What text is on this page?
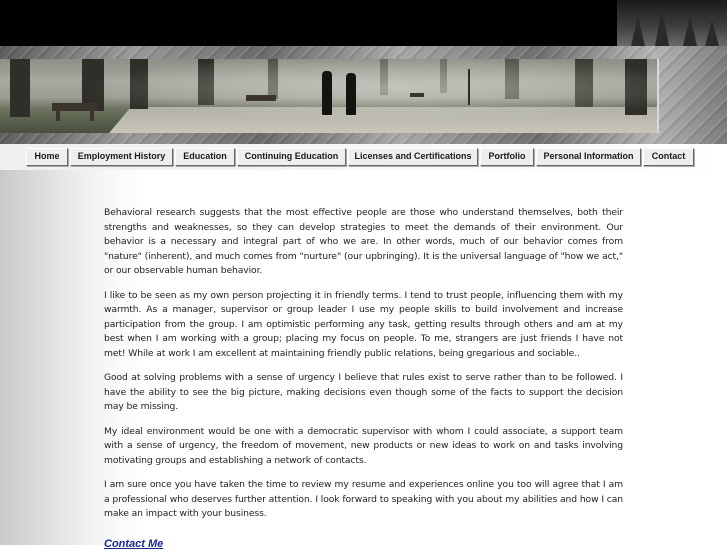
Home	Employment History	Education	Continuing Education	Licenses and Certifications	Portfolio	Personal Information	Contact

Behavioral research suggests that the most effective people are those who understand themselves, both their strengths and weaknesses, so they can develop strategies to meet the demands of their environment. Our behavior is a necessary and integral part of who we are. In other words, much of our behavior comes from "nature" (inherent), and much comes from "nurture" (our upbringing). It is the universal language of "how we act," or our observable human behavior.

I like to be seen as my own person projecting it in friendly terms. I tend to trust people, influencing them with my warmth. As a manager, supervisor or group leader I use my people skills to build involvement and increase participation from the group. I am optimistic performing any task, getting results through others and am at my best when I am working with a group; placing my focus on people. To me, strangers are just friends I have not met! While at work I am excellent at maintaining friendly public relations, being gregarious and sociable..

Good at solving problems with a sense of urgency I believe that rules exist to serve rather than to be followed. I have the ability to see the big picture, making decisions even though some of the facts to support the decision may be missing.

My ideal environment would be one with a democratic supervisor with whom I could associate, a support team with a sense of urgency, the freedom of movement, new products or new ideas to work on and tasks involving motivating groups and establishing a network of contacts.

I am sure once you have taken the time to review my resume and experiences online you too will agree that I am a professional who deserves further attention. I look forward to speaking with you about my abilities and how I can make an impact with your business.

Contact Me
